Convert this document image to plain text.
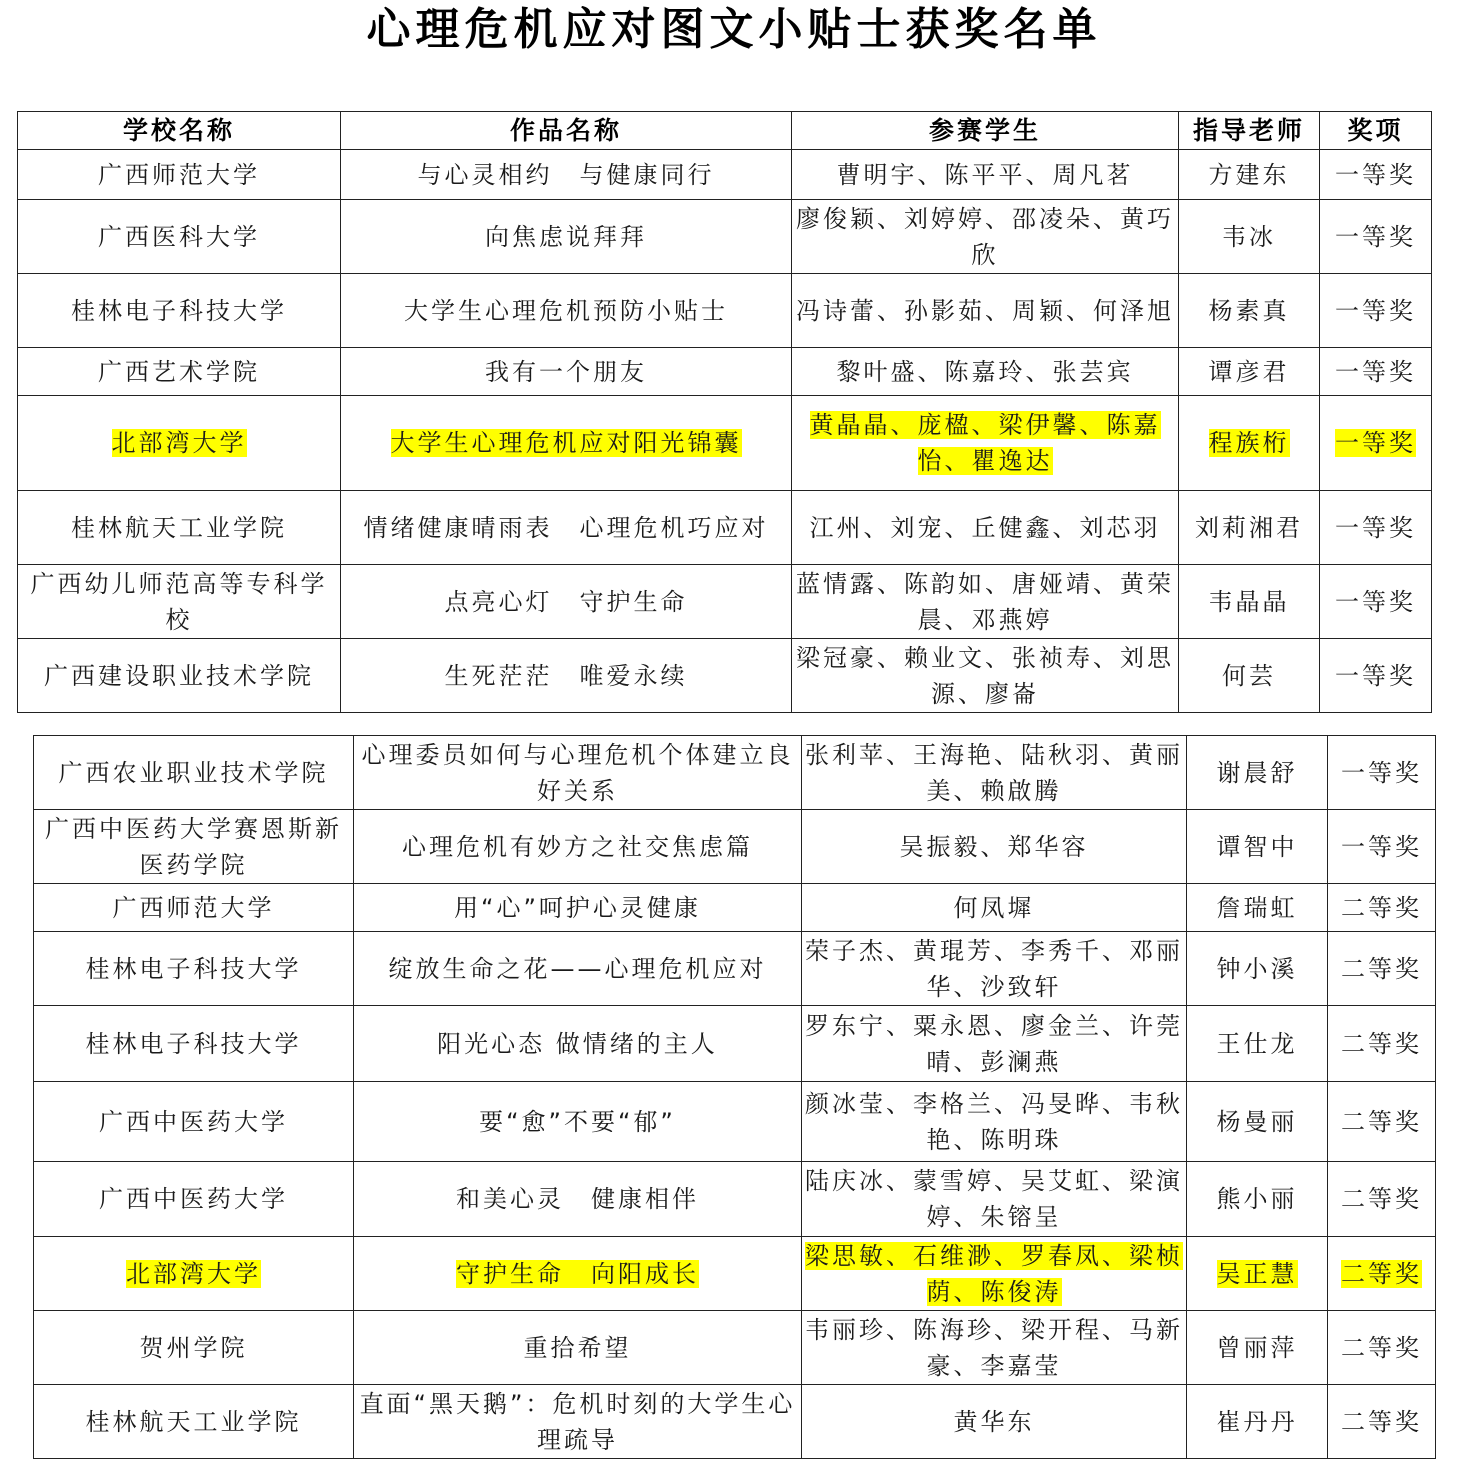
心理危机应对图文小贴士获奖名单
学校名称	作品名称	参赛学生	指导老师	奖项
广西师范大学	与心灵相约　与健康同行	曹明宇、陈平平、周凡茗	方建东	一等奖
广西医科大学	向焦虑说拜拜	廖俊颖、刘婷婷、邵凌朵、黄巧欣	韦冰	一等奖
桂林电子科技大学	大学生心理危机预防小贴士	冯诗蕾、孙影茹、周颖、何泽旭	杨素真	一等奖
广西艺术学院	我有一个朋友	黎叶盛、陈嘉玲、张芸宾	谭彦君	一等奖
北部湾大学	大学生心理危机应对阳光锦囊	黄晶晶、庞楹、梁伊馨、陈嘉怡、瞿逸达	程族桁	一等奖
桂林航天工业学院	情绪健康晴雨表　心理危机巧应对	江州、刘宠、丘健鑫、刘芯羽	刘莉湘君	一等奖
广西幼儿师范高等专科学校	点亮心灯　守护生命	蓝情露、陈韵如、唐娅靖、黄荣晨、邓燕婷	韦晶晶	一等奖
广西建设职业技术学院	生死茫茫　唯爱永续	梁冠豪、赖业文、张祯寿、刘思源、廖崙	何芸	一等奖
广西农业职业技术学院	心理委员如何与心理危机个体建立良好关系	张利苹、王海艳、陆秋羽、黄丽美、赖啟腾	谢晨舒	一等奖
广西中医药大学赛恩斯新医药学院	心理危机有妙方之社交焦虑篇	吴振毅、郑华容	谭智中	一等奖
广西师范大学	用“心”呵护心灵健康	何凤墀	詹瑞虹	二等奖
桂林电子科技大学	绽放生命之花——心理危机应对	荣子杰、黄琨芳、李秀千、邓丽华、沙致轩	钟小溪	二等奖
桂林电子科技大学	阳光心态 做情绪的主人	罗东宁、粟永恩、廖金兰、许莞晴、彭澜燕	王仕龙	二等奖
广西中医药大学	要“愈”不要“郁”	颜冰莹、李格兰、冯旻晔、韦秋艳、陈明珠	杨曼丽	二等奖
广西中医药大学	和美心灵　健康相伴	陆庆冰、蒙雪婷、吴艾虹、梁演婷、朱镕呈	熊小丽	二等奖
北部湾大学	守护生命　向阳成长	梁思敏、石维渺、罗春凤、梁桢荫、陈俊涛	吴正慧	二等奖
贺州学院	重拾希望	韦丽珍、陈海珍、梁开程、马新豪、李嘉莹	曾丽萍	二等奖
桂林航天工业学院	直面“黑天鹅”：危机时刻的大学生心理疏导	黄华东	崔丹丹	二等奖
